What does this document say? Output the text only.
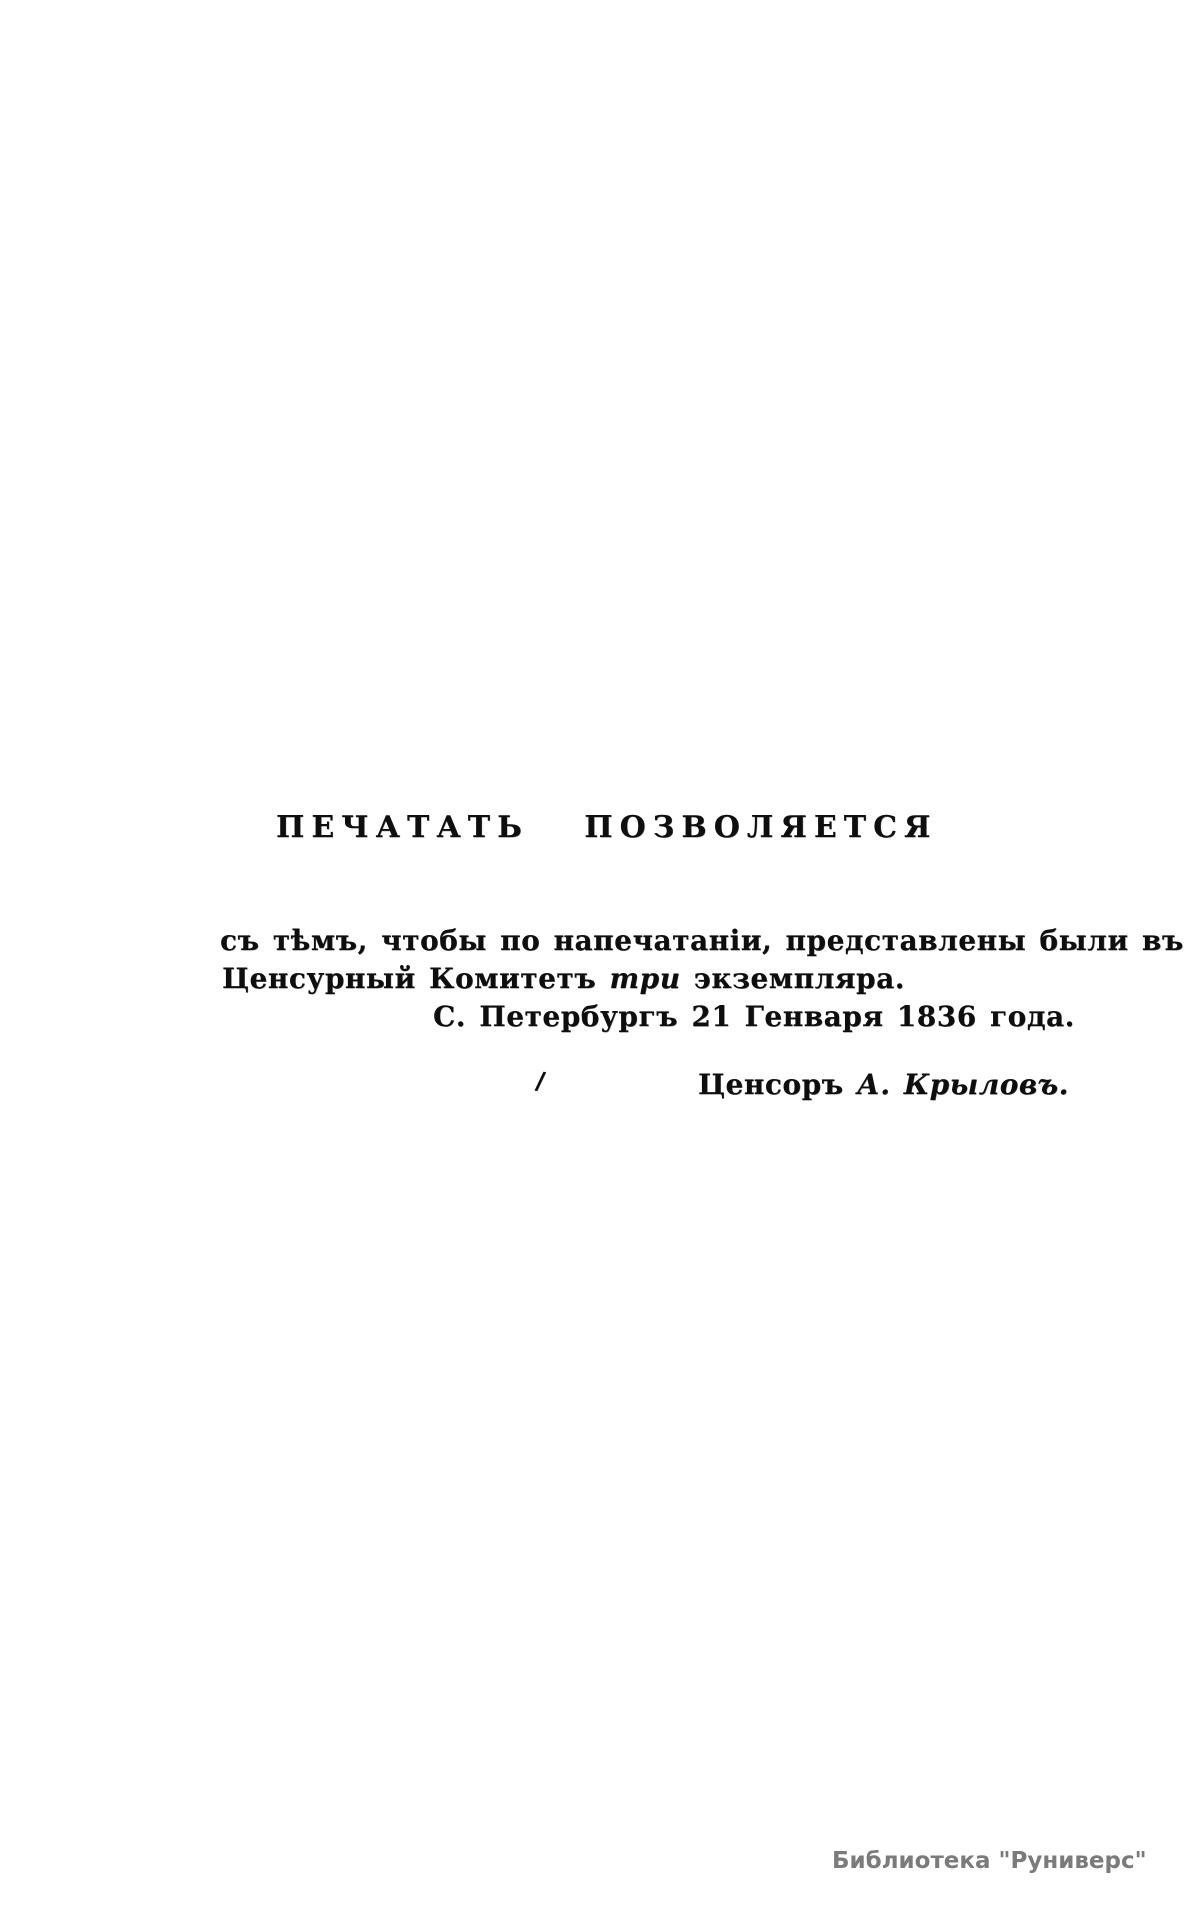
ПЕЧАТАТЬ ПОЗВОЛЯЕТСЯ
съ тѣмъ, чтобы по напечатаніи, представлены были въ
Ценсурный Комитетъ три экземпляра.
С. Петербургъ 21 Генваря 1836 года.
/	Ценсоръ А. Крыловъ.
Библиотека "Руниверс"
